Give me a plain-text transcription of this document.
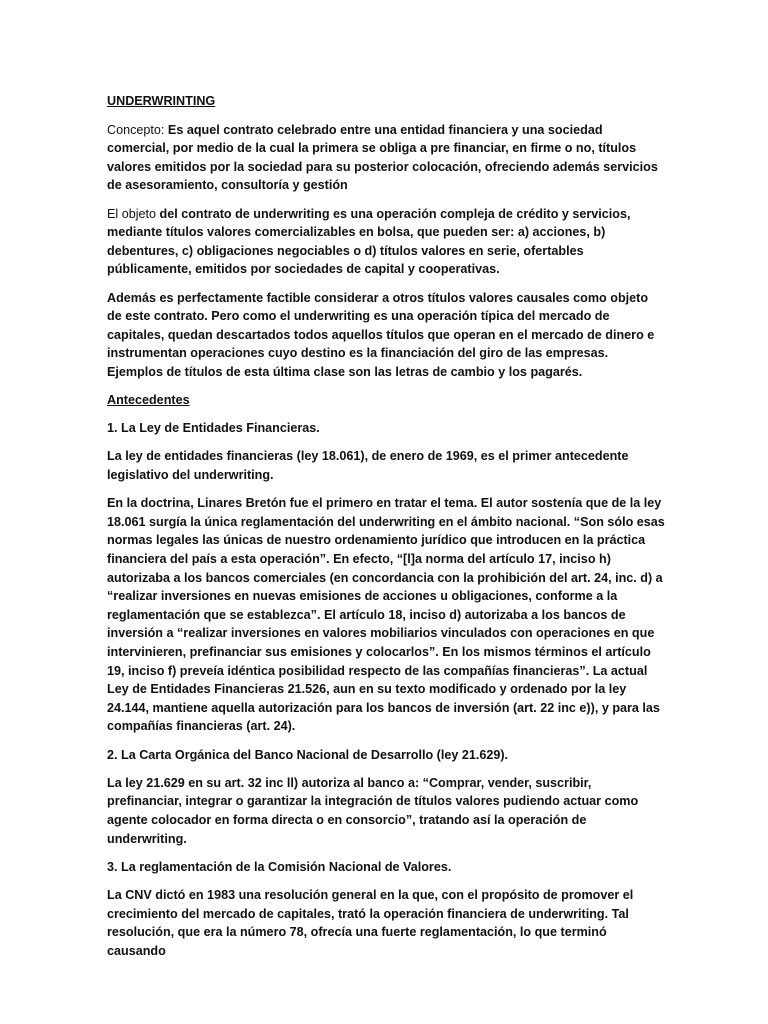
UNDERWRINTING

Concepto: Es aquel contrato celebrado entre una entidad financiera y una sociedad comercial, por medio de la cual la primera se obliga a pre financiar, en firme o no, títulos valores emitidos por la sociedad para su posterior colocación, ofreciendo además servicios de asesoramiento, consultoría y gestión

El objeto del contrato de underwriting es una operación compleja de crédito y servicios, mediante títulos valores comercializables en bolsa, que pueden ser: a) acciones, b) debentures, c) obligaciones negociables o d) títulos valores en serie, ofertables públicamente, emitidos por sociedades de capital y cooperativas.

Además es perfectamente factible considerar a otros títulos valores causales como objeto de este contrato. Pero como el underwriting es una operación típica del mercado de capitales, quedan descartados todos aquellos títulos que operan en el mercado de dinero e instrumentan operaciones cuyo destino es la financiación del giro de las empresas. Ejemplos de títulos de esta última clase son las letras de cambio y los pagarés.

Antecedentes

1. La Ley de Entidades Financieras.

La ley de entidades financieras (ley 18.061), de enero de 1969, es el primer antecedente legislativo del underwriting.

En la doctrina, Linares Bretón fue el primero en tratar el tema. El autor sostenía que de la ley 18.061 surgía la única reglamentación del underwriting en el ámbito nacional. “Son sólo esas normas legales las únicas de nuestro ordenamiento jurídico que introducen en la práctica financiera del país a esta operación”. En efecto, “[l]a norma del artículo 17, inciso h) autorizaba a los bancos comerciales (en concordancia con la prohibición del art. 24, inc. d) a “realizar inversiones en nuevas emisiones de acciones u obligaciones, conforme a la reglamentación que se establezca”. El artículo 18, inciso d) autorizaba a los bancos de inversión a “realizar inversiones en valores mobiliarios vinculados con operaciones en que intervinieren, prefinanciar sus emisiones y colocarlos”. En los mismos términos el artículo 19, inciso f) preveía idéntica posibilidad respecto de las compañías financieras”. La actual Ley de Entidades Financieras 21.526, aun en su texto modificado y ordenado por la ley 24.144, mantiene aquella autorización para los bancos de inversión (art. 22 inc e)), y para las compañías financieras (art. 24).

2. La Carta Orgánica del Banco Nacional de Desarrollo (ley 21.629).

La ley 21.629 en su art. 32 inc ll) autoriza al banco a: “Comprar, vender, suscribir, prefinanciar, integrar o garantizar la integración de títulos valores pudiendo actuar como agente colocador en forma directa o en consorcio”, tratando así la operación de underwriting.

3. La reglamentación de la Comisión Nacional de Valores.

La CNV dictó en 1983 una resolución general en la que, con el propósito de promover el crecimiento del mercado de capitales, trató la operación financiera de underwriting. Tal resolución, que era la número 78, ofrecía una fuerte reglamentación, lo que terminó causando
